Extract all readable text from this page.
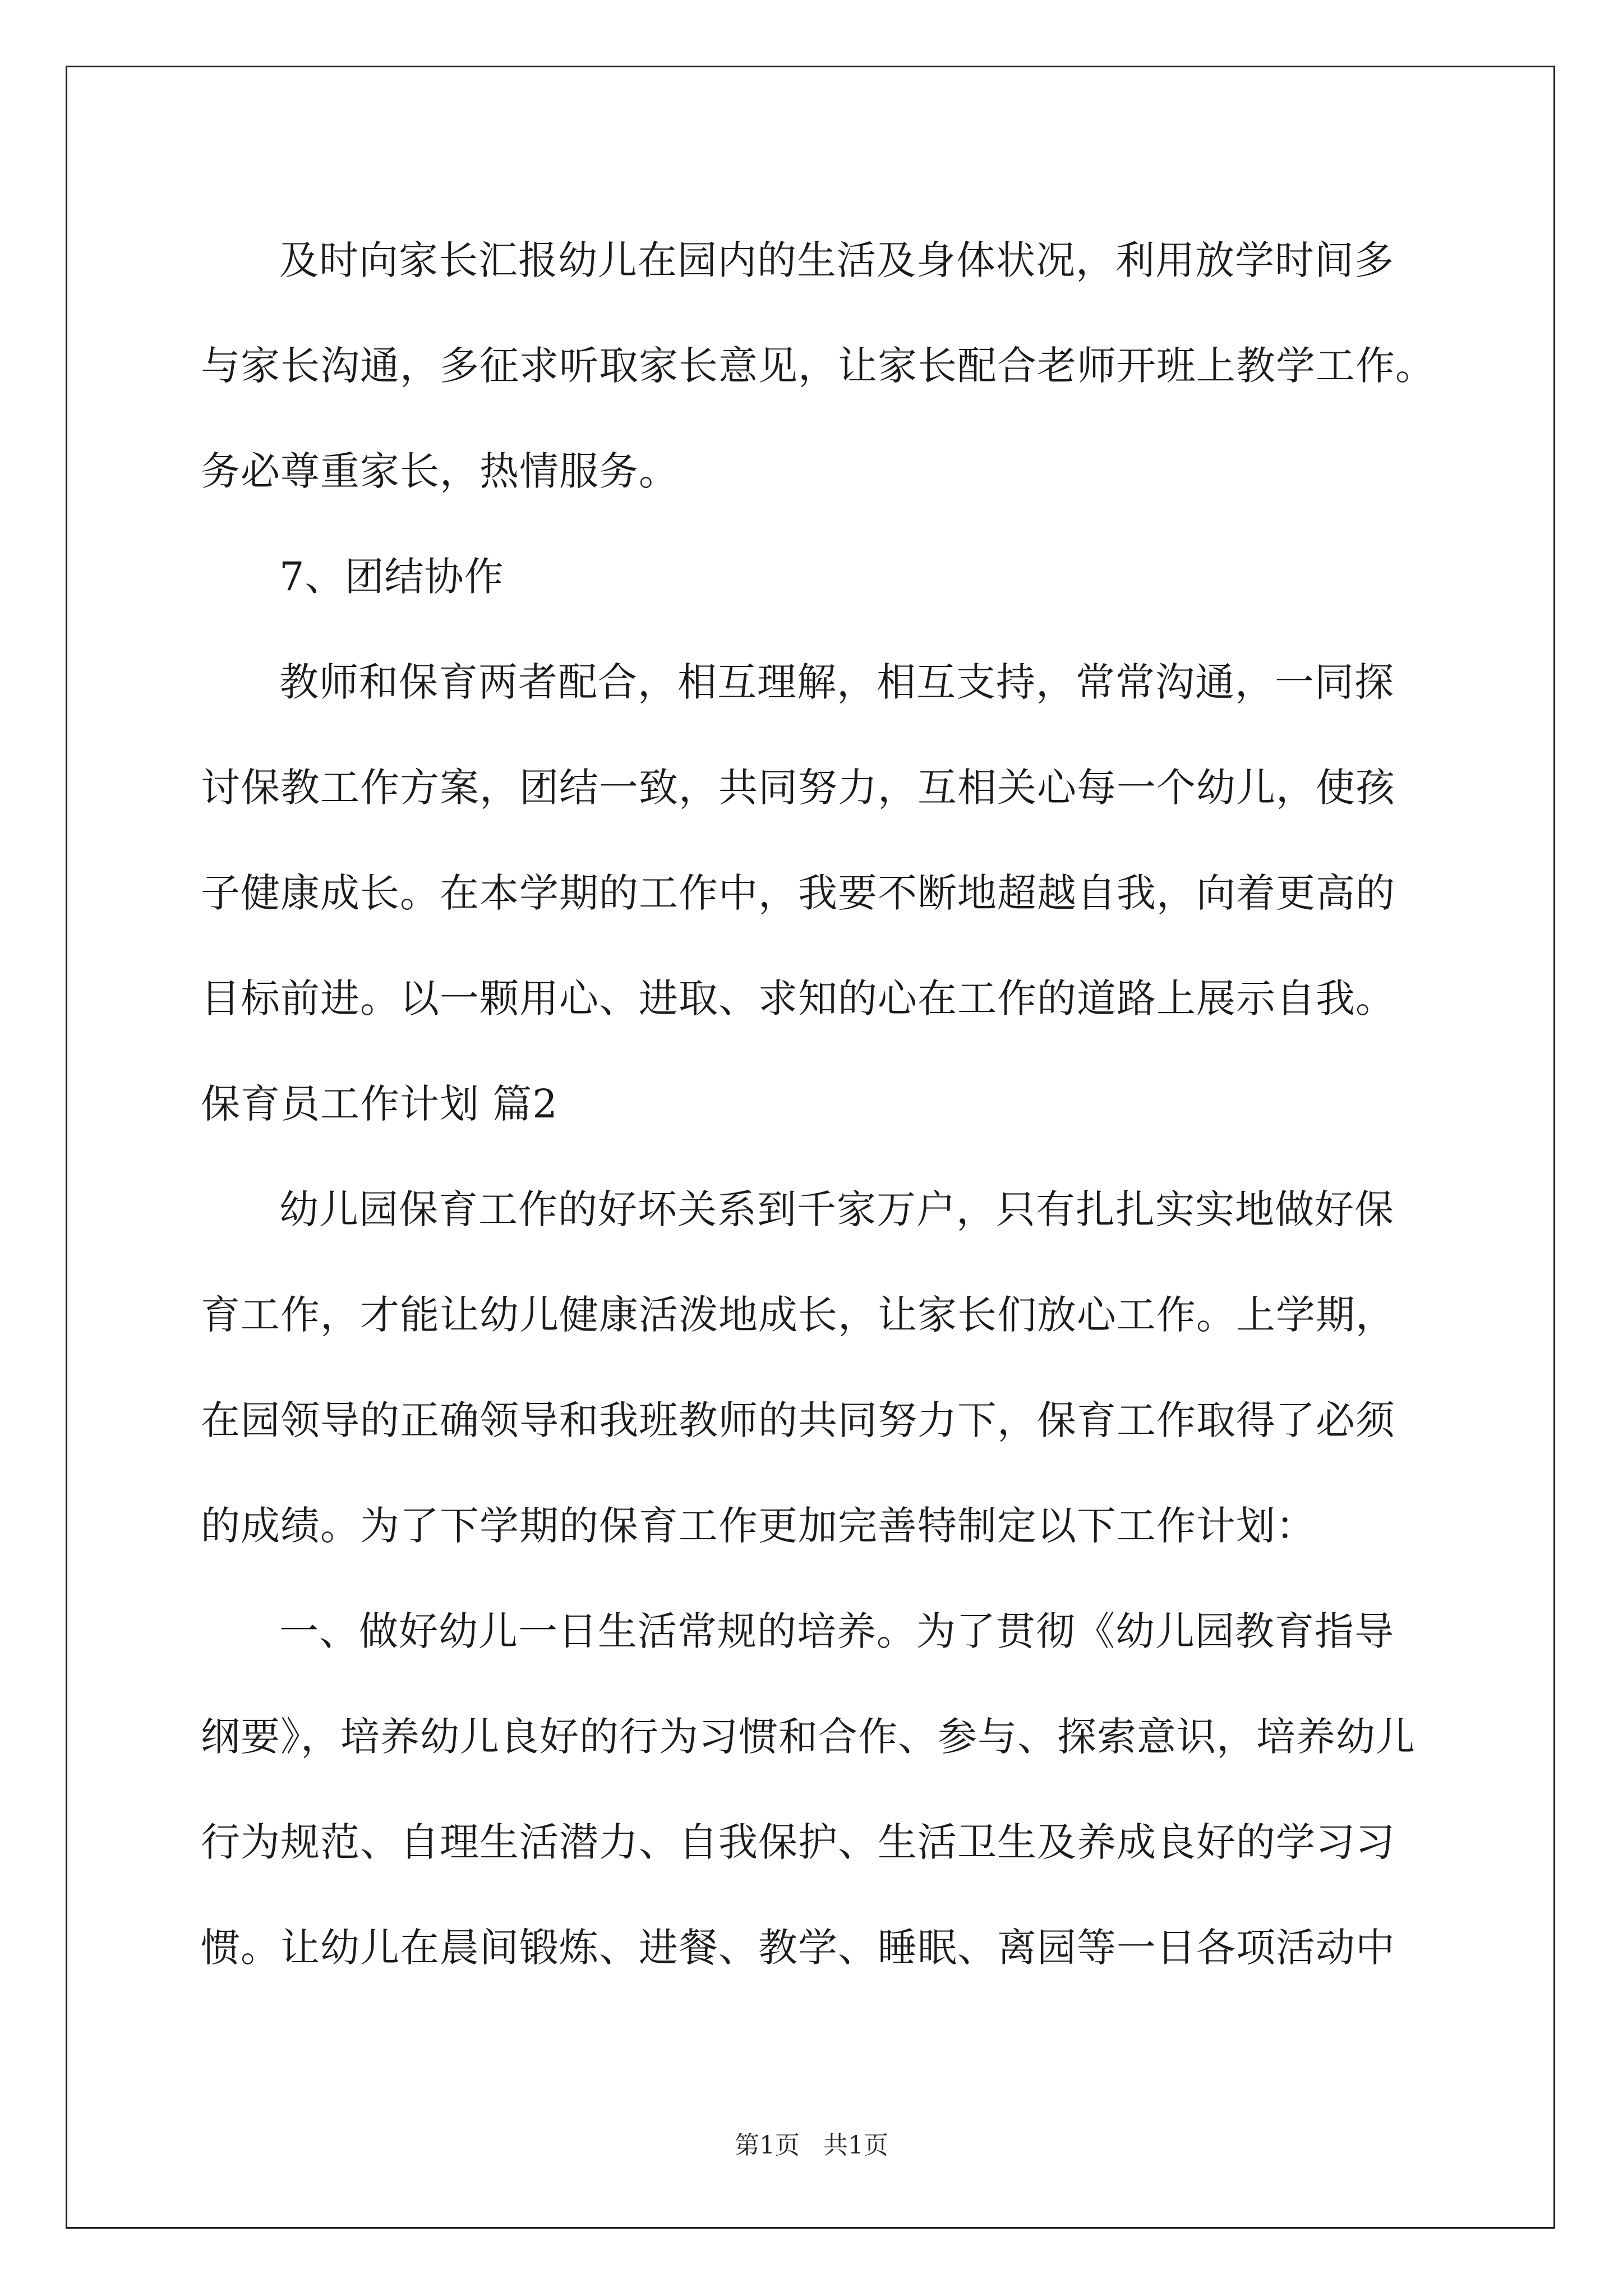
及时向家长汇报幼儿在园内的生活及身体状况，利用放学时间多
与家长沟通，多征求听取家长意见，让家长配合老师开班上教学工作。
务必尊重家长，热情服务。
7、团结协作
教师和保育两者配合，相互理解，相互支持，常常沟通，一同探
讨保教工作方案，团结一致，共同努力，互相关心每一个幼儿，使孩
子健康成长。在本学期的工作中，我要不断地超越自我，向着更高的
目标前进。以一颗用心、进取、求知的心在工作的道路上展示自我。
保育员工作计划 篇2
幼儿园保育工作的好坏关系到千家万户，只有扎扎实实地做好保
育工作，才能让幼儿健康活泼地成长，让家长们放心工作。上学期，
在园领导的正确领导和我班教师的共同努力下，保育工作取得了必须
的成绩。为了下学期的保育工作更加完善特制定以下工作计划：
一、做好幼儿一日生活常规的培养。为了贯彻《幼儿园教育指导
纲要》，培养幼儿良好的行为习惯和合作、参与、探索意识，培养幼儿
行为规范、自理生活潜力、自我保护、生活卫生及养成良好的学习习
惯。让幼儿在晨间锻炼、进餐、教学、睡眠、离园等一日各项活动中
第1页 共1页
